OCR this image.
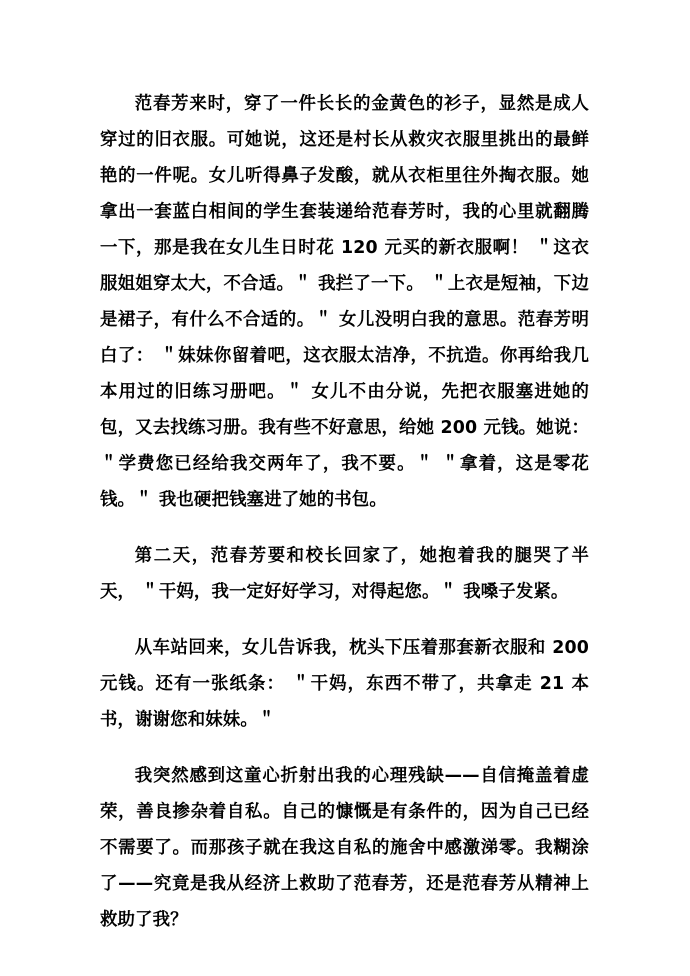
范春芳来时，穿了一件长长的金黄色的衫子，显然是成人穿过的旧衣服。可她说，这还是村长从救灾衣服里挑出的最鲜艳的一件呢。女儿听得鼻子发酸，就从衣柜里往外掏衣服。她拿出一套蓝白相间的学生套装递给范春芳时，我的心里就翻腾一下，那是我在女儿生日时花 120 元买的新衣服啊！ ＂这衣服姐姐穿太大，不合适。＂ 我拦了一下。 ＂上衣是短袖，下边是裙子，有什么不合适的。＂ 女儿没明白我的意思。范春芳明白了： ＂妹妹你留着吧，这衣服太洁净，不抗造。你再给我几本用过的旧练习册吧。＂ 女儿不由分说，先把衣服塞进她的包，又去找练习册。我有些不好意思，给她 200 元钱。她说： ＂学费您已经给我交两年了，我不要。＂ ＂拿着，这是零花钱。＂ 我也硬把钱塞进了她的书包。

第二天，范春芳要和校长回家了，她抱着我的腿哭了半天， ＂干妈，我一定好好学习，对得起您。＂ 我嗓子发紧。

从车站回来，女儿告诉我，枕头下压着那套新衣服和 200 元钱。还有一张纸条： ＂干妈，东西不带了，共拿走 21 本书，谢谢您和妹妹。＂

我突然感到这童心折射出我的心理残缺——自信掩盖着虚荣，善良掺杂着自私。自己的慷慨是有条件的，因为自己已经不需要了。而那孩子就在我这自私的施舍中感激涕零。我糊涂了——究竟是我从经济上救助了范春芳，还是范春芳从精神上救助了我？
